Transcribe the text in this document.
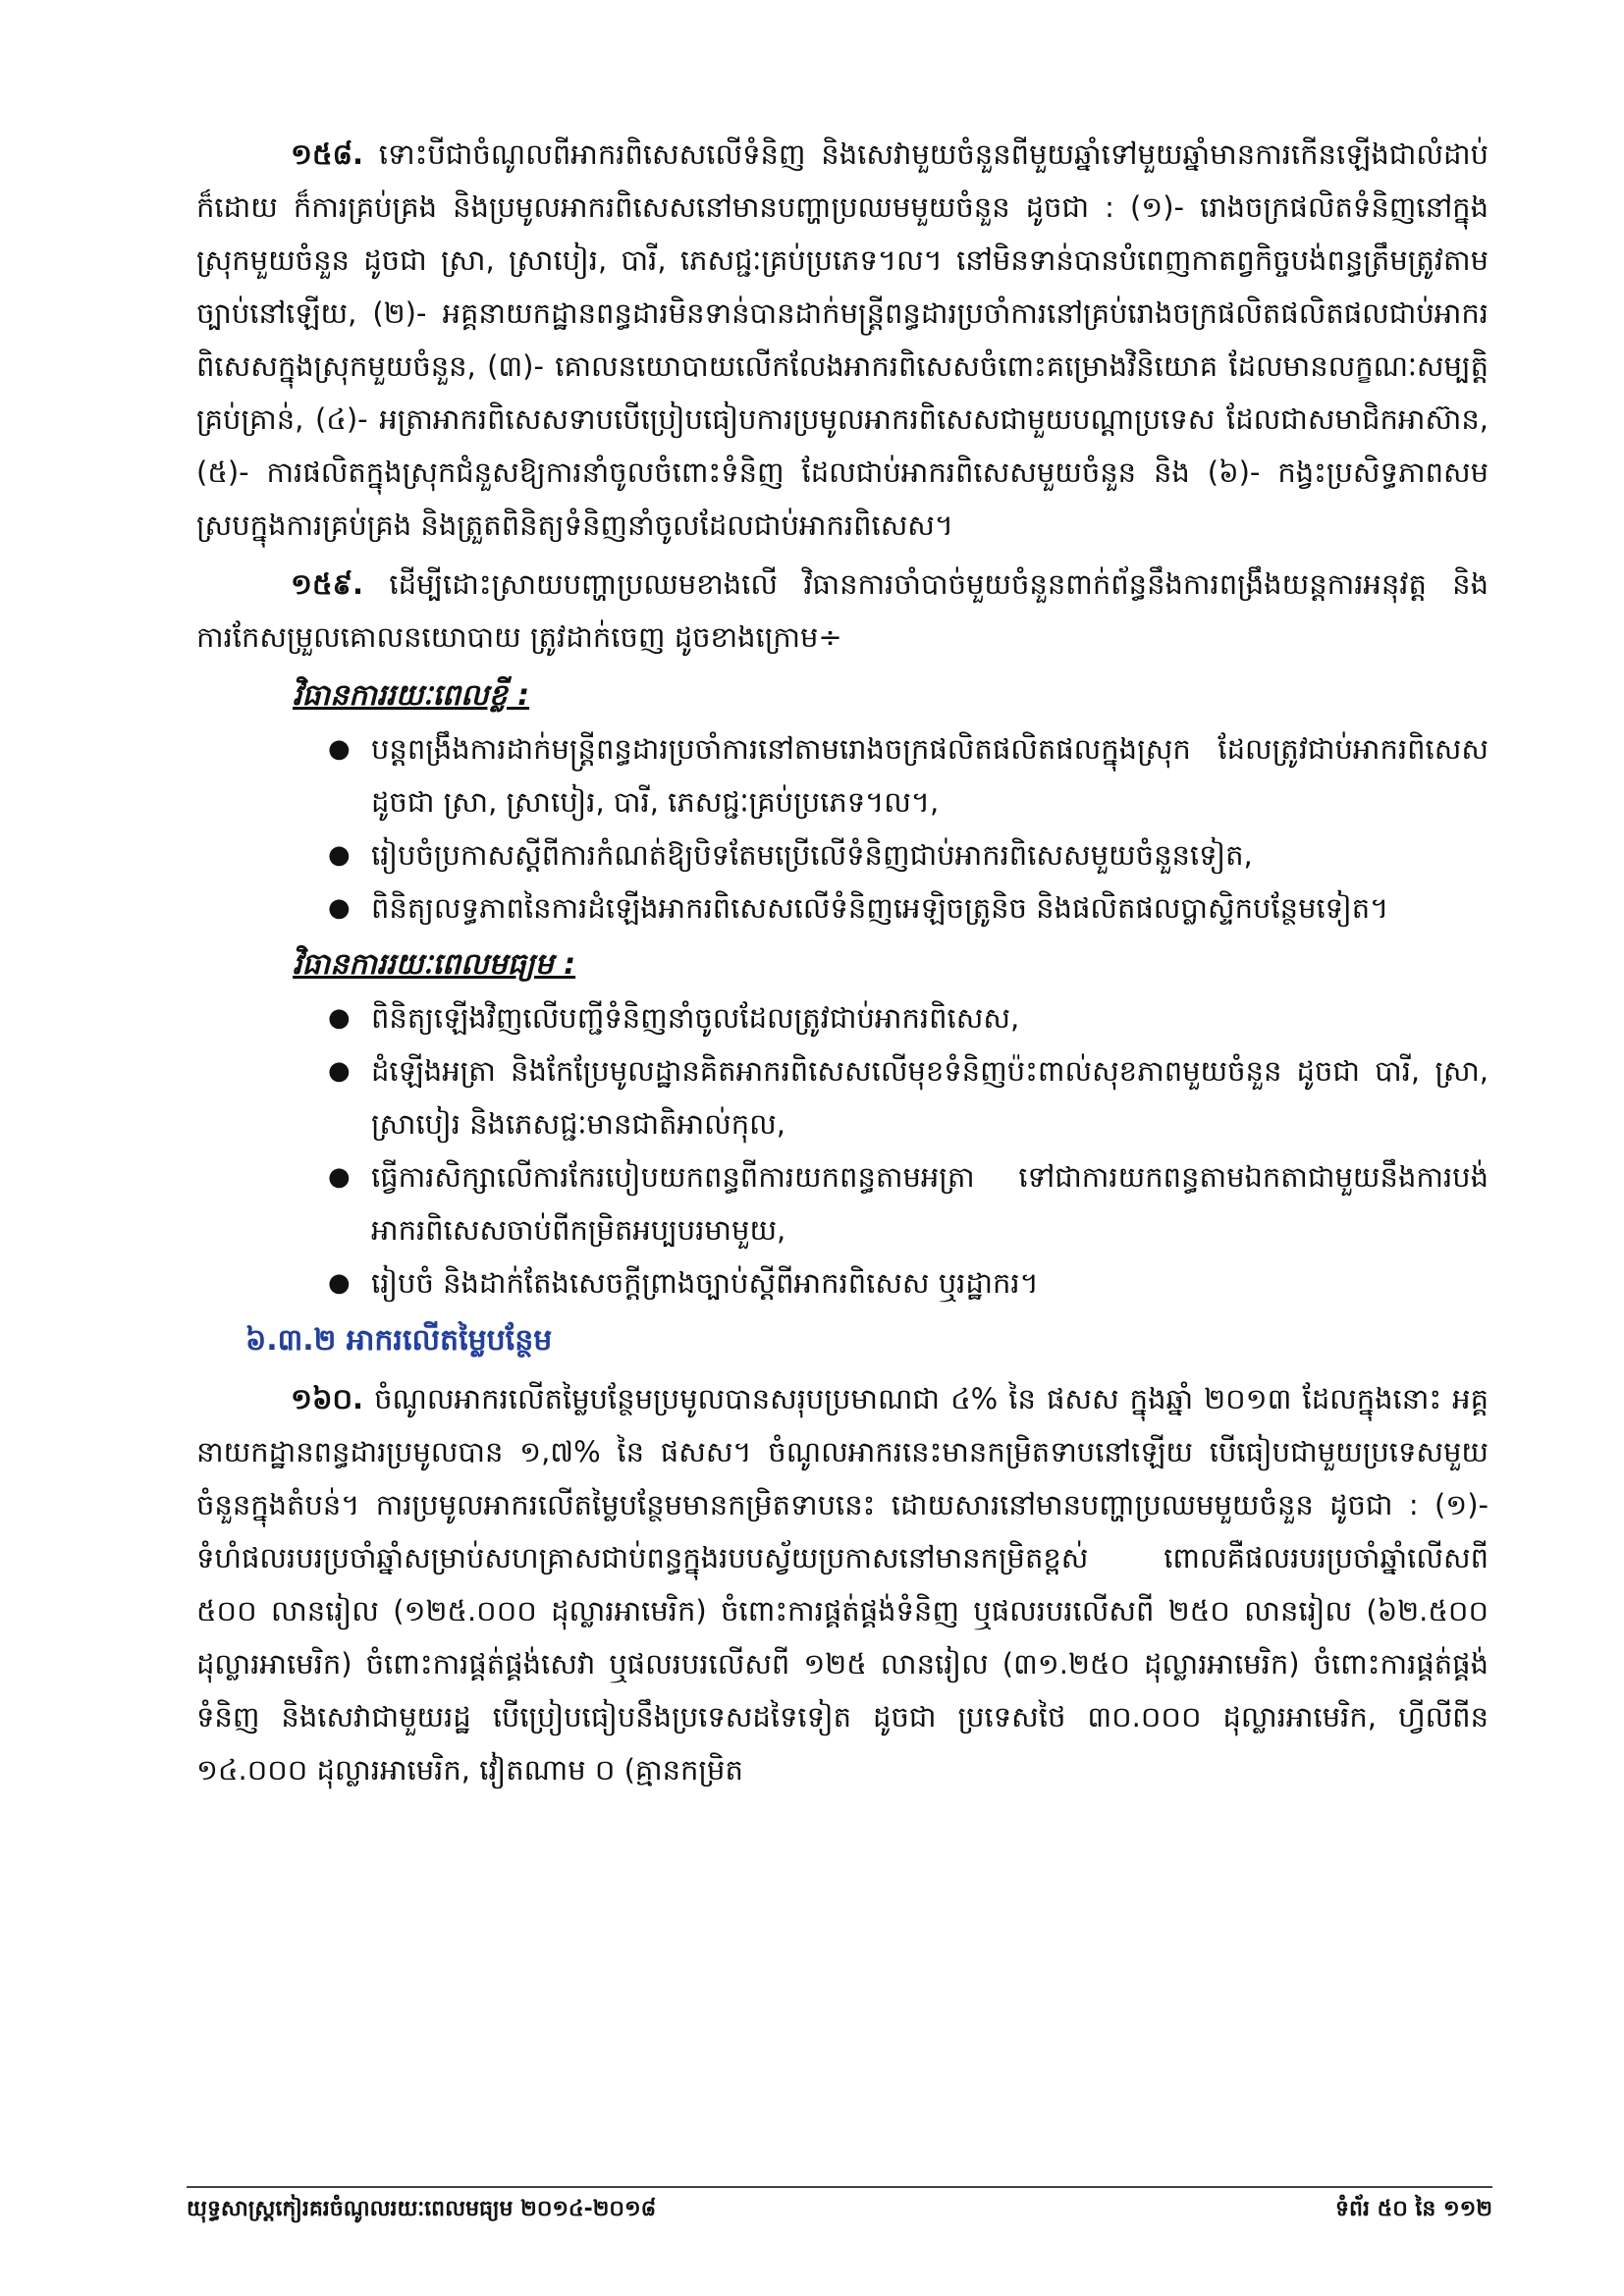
១៥៨. ទោះបីជាចំណូលពីអាករពិសេសលើទំនិញ និងសេវាមួយចំនួនពីមួយឆ្នាំទៅមួយឆ្នាំមានការកើនឡើងជាលំដាប់ក៏ដោយ ក៏ការគ្រប់គ្រង និងប្រមូលអាករពិសេសនៅមានបញ្ហាប្រឈមមួយចំនួន ដូចជា : (១)- រោងចក្រផលិតទំនិញនៅក្នុងស្រុកមួយចំនួន ដូចជា ស្រា, ស្រាបៀរ, បារី, ភេសជ្ជៈគ្រប់ប្រភេទ។ល។ នៅមិនទាន់បានបំពេញកាតព្វកិច្ចបង់ពន្ធត្រឹមត្រូវតាមច្បាប់នៅឡើយ, (២)- អគ្គនាយកដ្ឋានពន្ធដារមិនទាន់បានដាក់មន្ត្រីពន្ធដារប្រចាំការនៅគ្រប់រោងចក្រផលិតផលិតផលជាប់អាករពិសេសក្នុងស្រុកមួយចំនួន, (៣)- គោលនយោបាយលើកលែងអាករពិសេសចំពោះគម្រោងវិនិយោគ ដែលមានលក្ខណៈសម្បត្តិគ្រប់គ្រាន់, (៤)- អត្រាអាករពិសេសទាបបើប្រៀបធៀបការប្រមូលអាករពិសេសជាមួយបណ្ដាប្រទេស ដែលជាសមាជិកអាស៊ាន, (៥)- ការផលិតក្នុងស្រុកជំនួសឱ្យការនាំចូលចំពោះទំនិញ ដែលជាប់អាករពិសេសមួយចំនួន និង (៦)- កង្វះប្រសិទ្ធភាពសមស្របក្នុងការគ្រប់គ្រង និងត្រួតពិនិត្យទំនិញនាំចូលដែលជាប់អាករពិសេស។

១៥៩. ដើម្បីដោះស្រាយបញ្ហាប្រឈមខាងលើ វិធានការចាំបាច់មួយចំនួនពាក់ព័ន្ធនឹងការពង្រឹងយន្តការអនុវត្ត និងការកែសម្រួលគោលនយោបាយ ត្រូវដាក់ចេញ ដូចខាងក្រោម÷

វិធានការរយៈពេលខ្លី :
● បន្តពង្រឹងការដាក់មន្ត្រីពន្ធដារប្រចាំការនៅតាមរោងចក្រផលិតផលិតផលក្នុងស្រុក ដែលត្រូវជាប់អាករពិសេស ដូចជា ស្រា, ស្រាបៀរ, បារី, ភេសជ្ជៈគ្រប់ប្រភេទ។ល។,
● រៀបចំប្រកាសស្ដីពីការកំណត់ឱ្យបិទតែមប្រើលើទំនិញជាប់អាករពិសេសមួយចំនួនទៀត,
● ពិនិត្យលទ្ធភាពនៃការដំឡើងអាករពិសេសលើទំនិញអេឡិចត្រូនិច និងផលិតផលប្លាស្ទិកបន្ថែមទៀត។
វិធានការរយៈពេលមធ្យម :
● ពិនិត្យឡើងវិញលើបញ្ជីទំនិញនាំចូលដែលត្រូវជាប់អាករពិសេស,
● ដំឡើងអត្រា និងកែប្រែមូលដ្ឋានគិតអាករពិសេសលើមុខទំនិញប៉ះពាល់សុខភាពមួយចំនួន ដូចជា បារី, ស្រា, ស្រាបៀរ និងភេសជ្ជៈមានជាតិអាល់កុល,
● ធ្វើការសិក្សាលើការកែរបៀបយកពន្ធពីការយកពន្ធតាមអត្រា ទៅជាការយកពន្ធតាមឯកតាជាមួយនឹងការបង់អាករពិសេសចាប់ពីកម្រិតអប្បបរមាមួយ,
● រៀបចំ និងដាក់តែងសេចក្ដីព្រាងច្បាប់ស្ដីពីអាករពិសេស ឬរដ្ឋាករ។
៦.៣.២ អាករលើតម្លៃបន្ថែម

១៦០. ចំណូលអាករលើតម្លៃបន្ថែមប្រមូលបានសរុបប្រមាណជា ៤% នៃ ផសស ក្នុងឆ្នាំ ២០១៣ ដែលក្នុងនោះ អគ្គនាយកដ្ឋានពន្ធដារប្រមូលបាន ១,៧% នៃ ផសស។ ចំណូលអាករនេះមានកម្រិតទាបនៅឡើយ បើធៀបជាមួយប្រទេសមួយចំនួនក្នុងតំបន់។ ការប្រមូលអាករលើតម្លៃបន្ថែមមានកម្រិតទាបនេះ ដោយសារនៅមានបញ្ហាប្រឈមមួយចំនួន ដូចជា : (១)- ទំហំផលរបរប្រចាំឆ្នាំសម្រាប់សហគ្រាសជាប់ពន្ធក្នុងរបបស្វ័យប្រកាសនៅមានកម្រិតខ្ពស់ ពោលគឺផលរបរប្រចាំឆ្នាំលើសពី ៥០០ លានរៀល (១២៥.០០០ ដុល្លារអាមេរិក) ចំពោះការផ្គត់ផ្គង់ទំនិញ ឬផលរបរលើសពី ២៥០ លានរៀល (៦២.៥០០ ដុល្លារអាមេរិក) ចំពោះការផ្គត់ផ្គង់សេវា ឬផលរបរលើសពី ១២៥ លានរៀល (៣១.២៥០ ដុល្លារអាមេរិក) ចំពោះការផ្គត់ផ្គង់ទំនិញ និងសេវាជាមួយរដ្ឋ បើប្រៀបធៀបនឹងប្រទេសដទៃទៀត ដូចជា ប្រទេសថៃ ៣០.០០០ ដុល្លារអាមេរិក, ហ្វីលីពីន ១៤.០០០ ដុល្លារអាមេរិក, វៀតណាម ០ (គ្មានកម្រិត

យុទ្ធសាស្ត្រកៀរគរចំណូលរយៈពេលមធ្យម ២០១៤-២០១៨	ទំព័រ ៥០ នៃ ១១២
